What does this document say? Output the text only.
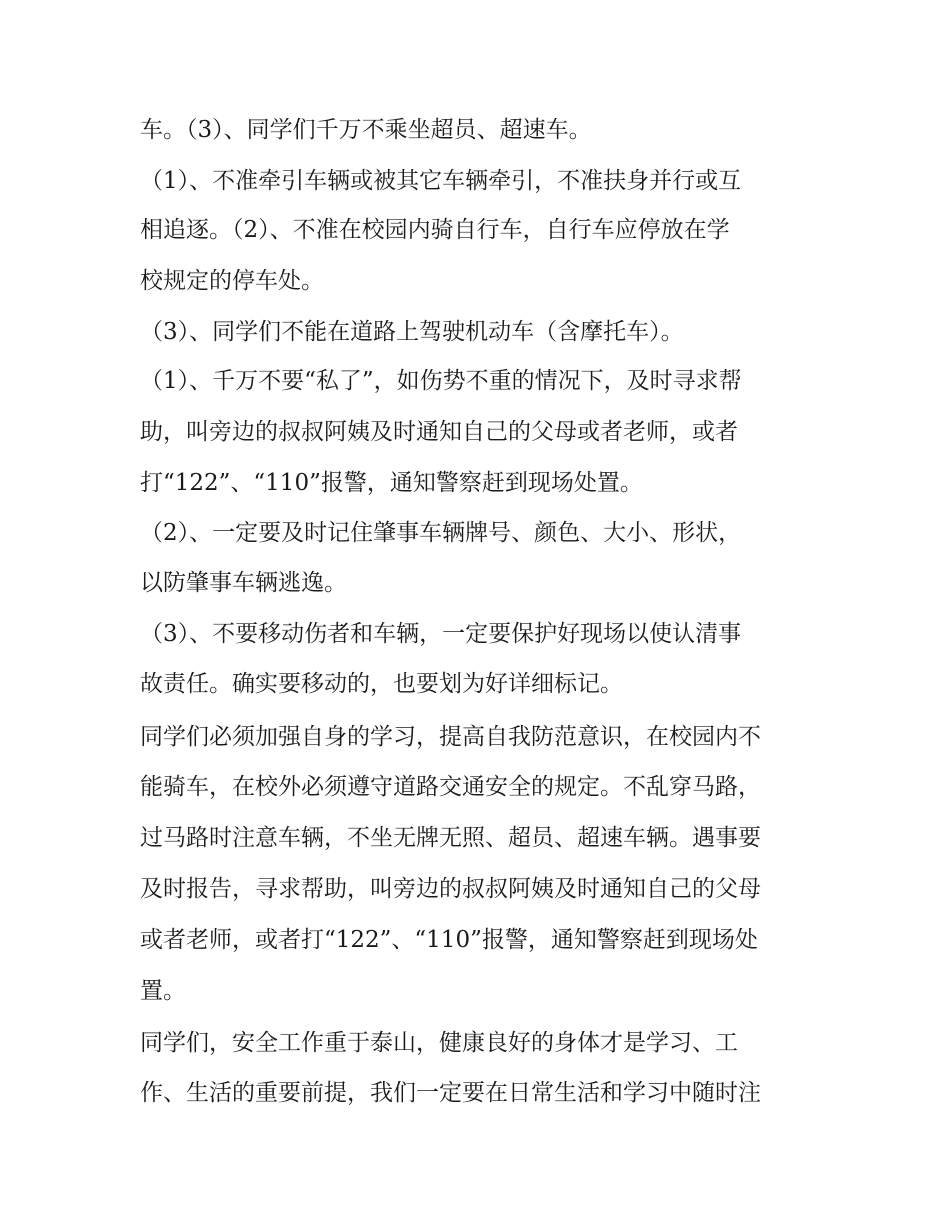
车。（3）、同学们千万不乘坐超员、超速车。
（1）、不准牵引车辆或被其它车辆牵引，不准扶身并行或互
相追逐。（2）、不准在校园内骑自行车，自行车应停放在学
校规定的停车处。
（3）、同学们不能在道路上驾驶机动车（含摩托车）。
（1）、千万不要“私了”，如伤势不重的情况下，及时寻求帮
助，叫旁边的叔叔阿姨及时通知自己的父母或者老师，或者
打“122”、“110”报警，通知警察赶到现场处置。
（2）、一定要及时记住肇事车辆牌号、颜色、大小、形状，
以防肇事车辆逃逸。
（3）、不要移动伤者和车辆，一定要保护好现场以使认清事
故责任。确实要移动的，也要划为好详细标记。
同学们必须加强自身的学习，提高自我防范意识，在校园内不
能骑车，在校外必须遵守道路交通安全的规定。不乱穿马路，
过马路时注意车辆，不坐无牌无照、超员、超速车辆。遇事要
及时报告，寻求帮助，叫旁边的叔叔阿姨及时通知自己的父母
或者老师，或者打“122”、“110”报警，通知警察赶到现场处
置。
同学们，安全工作重于泰山，健康良好的身体才是学习、工
作、生活的重要前提，我们一定要在日常生活和学习中随时注
